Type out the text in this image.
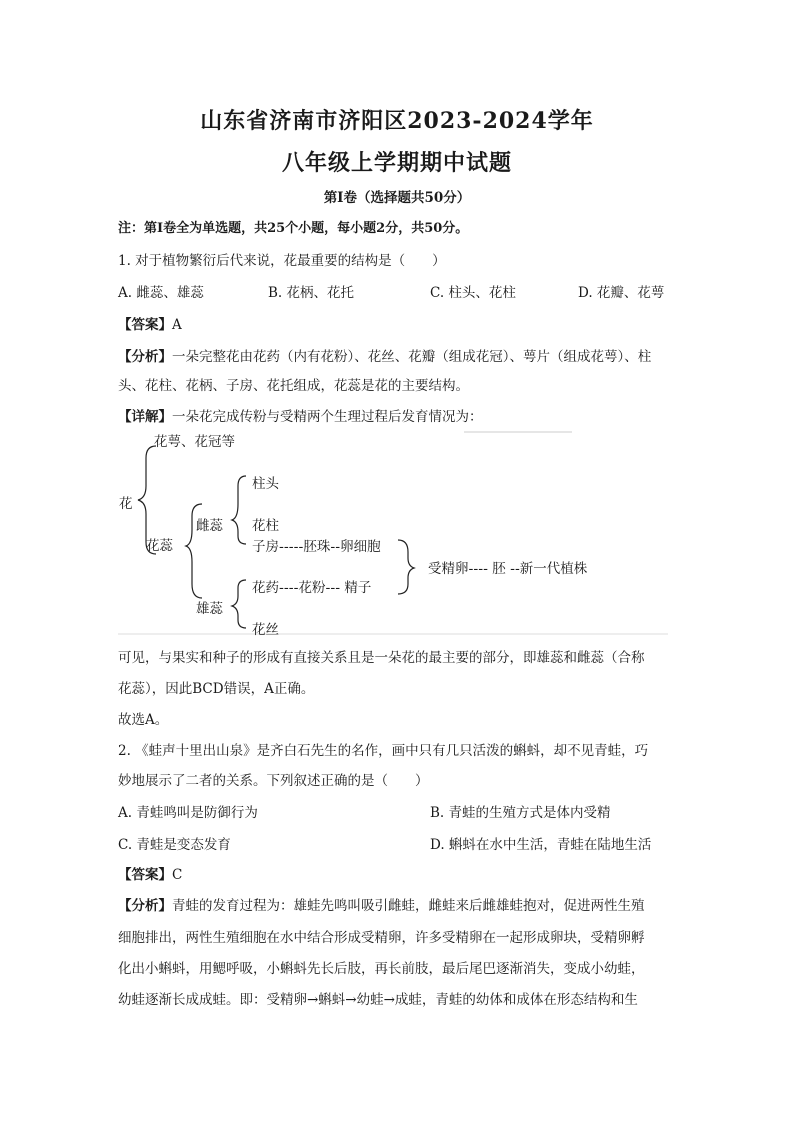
山东省济南市济阳区2023-2024学年
八年级上学期期中试题
第Ⅰ卷（选择题共50分）
注：第Ⅰ卷全为单选题，共25个小题，每小题2分，共50分。
1. 对于植物繁衍后代来说，花最重要的结构是（　　）
A. 雌蕊、雄蕊	B. 花柄、花托	C. 柱头、花柱	D. 花瓣、花萼
【答案】A
【分析】一朵完整花由花药（内有花粉）、花丝、花瓣（组成花冠）、萼片（组成花萼）、柱
头、花柱、花柄、子房、花托组成，花蕊是花的主要结构。
【详解】一朵花完成传粉与受精两个生理过程后发育情况为：
花萼、花冠等
花
花蕊
雌蕊
柱头
花柱
子房-----胚珠--卵细胞
雄蕊
花药----花粉--- 精子
花丝
受精卵---- 胚 --新一代植株
可见，与果实和种子的形成有直接关系且是一朵花的最主要的部分，即雄蕊和雌蕊（合称
花蕊），因此BCD错误，A正确。
故选A。
2. 《蛙声十里出山泉》是齐白石先生的名作，画中只有几只活泼的蝌蚪，却不见青蛙，巧
妙地展示了二者的关系。下列叙述正确的是（　　）
A. 青蛙鸣叫是防御行为	B. 青蛙的生殖方式是体内受精
C. 青蛙是变态发育	D. 蝌蚪在水中生活，青蛙在陆地生活
【答案】C
【分析】青蛙的发育过程为：雄蛙先鸣叫吸引雌蛙，雌蛙来后雌雄蛙抱对，促进两性生殖
细胞排出，两性生殖细胞在水中结合形成受精卵，许多受精卵在一起形成卵块，受精卵孵
化出小蝌蚪，用鳃呼吸，小蝌蚪先长后肢，再长前肢，最后尾巴逐渐消失，变成小幼蛙，
幼蛙逐渐长成成蛙。即：受精卵→蝌蚪→幼蛙→成蛙，青蛙的幼体和成体在形态结构和生
